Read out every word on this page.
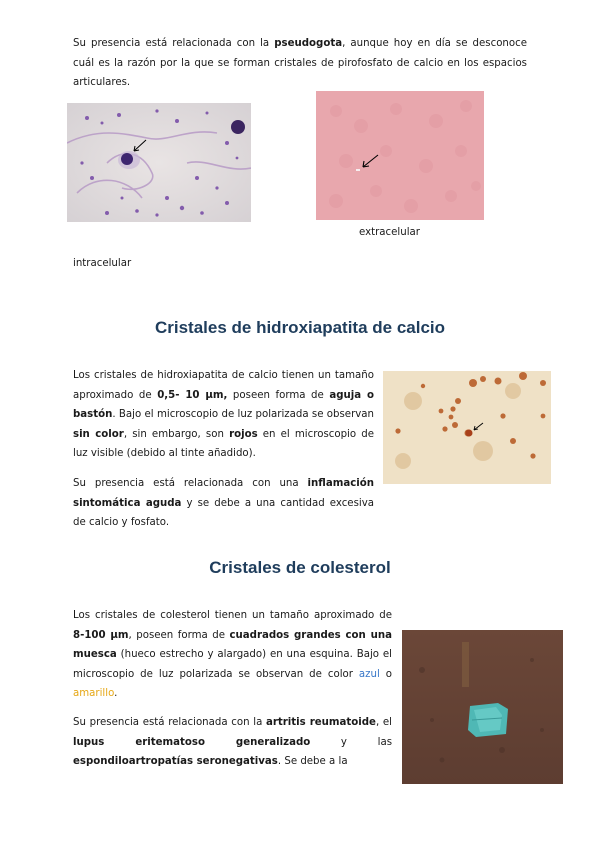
Su presencia está relacionada con la pseudogota, aunque hoy en día se desconoce cuál es la razón por la que se forman cristales de pirofosfato de calcio en los espacios articulares.
extracelular
intracelular
Cristales de hidroxiapatita de calcio
Los cristales de hidroxiapatita de calcio tienen un tamaño aproximado de 0,5- 10 µm, poseen forma de aguja o bastón. Bajo el microscopio de luz polarizada se observan sin color, sin embargo, son rojos en el microscopio de luz visible (debido al tinte añadido).
Su presencia está relacionada con una inflamación sintomática aguda y se debe a una cantidad excesiva de calcio y fosfato.
Cristales de colesterol
Los cristales de colesterol tienen un tamaño aproximado de 8-100 µm, poseen forma de cuadrados grandes con una muesca (hueco estrecho y alargado) en una esquina. Bajo el microscopio de luz polarizada se observan de color azul o amarillo.
Su presencia está relacionada con la artritis reumatoide, el lupus eritematoso generalizado y las espondiloartropatías seronegativas. Se debe a la
